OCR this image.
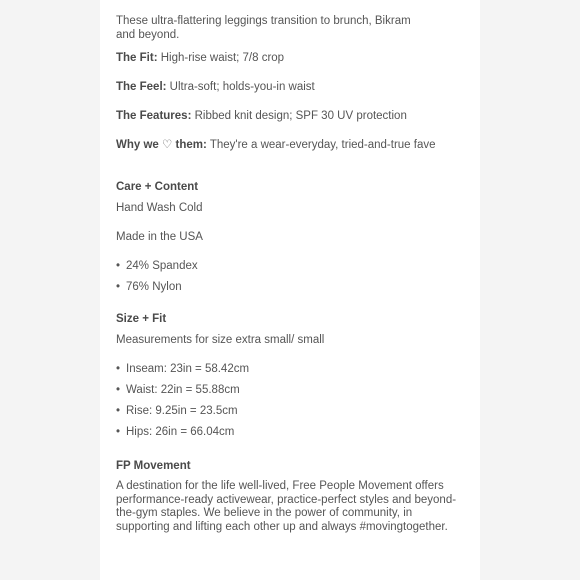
These ultra-flattering leggings transition to brunch, Bikram and beyond.

The Fit: High-rise waist; 7/8 crop

The Feel: Ultra-soft; holds-you-in waist

The Features: Ribbed knit design; SPF 30 UV protection

Why we ♡ them: They're a wear-everyday, tried-and-true fave

Care + Content

Hand Wash Cold

Made in the USA

• 24% Spandex
• 76% Nylon

Size + Fit

Measurements for size extra small/ small

• Inseam: 23in = 58.42cm
• Waist: 22in = 55.88cm
• Rise: 9.25in = 23.5cm
• Hips: 26in = 66.04cm

FP Movement

A destination for the life well-lived, Free People Movement offers performance-ready activewear, practice-perfect styles and beyond-the-gym staples. We believe in the power of community, in supporting and lifting each other up and always #movingtogether.
